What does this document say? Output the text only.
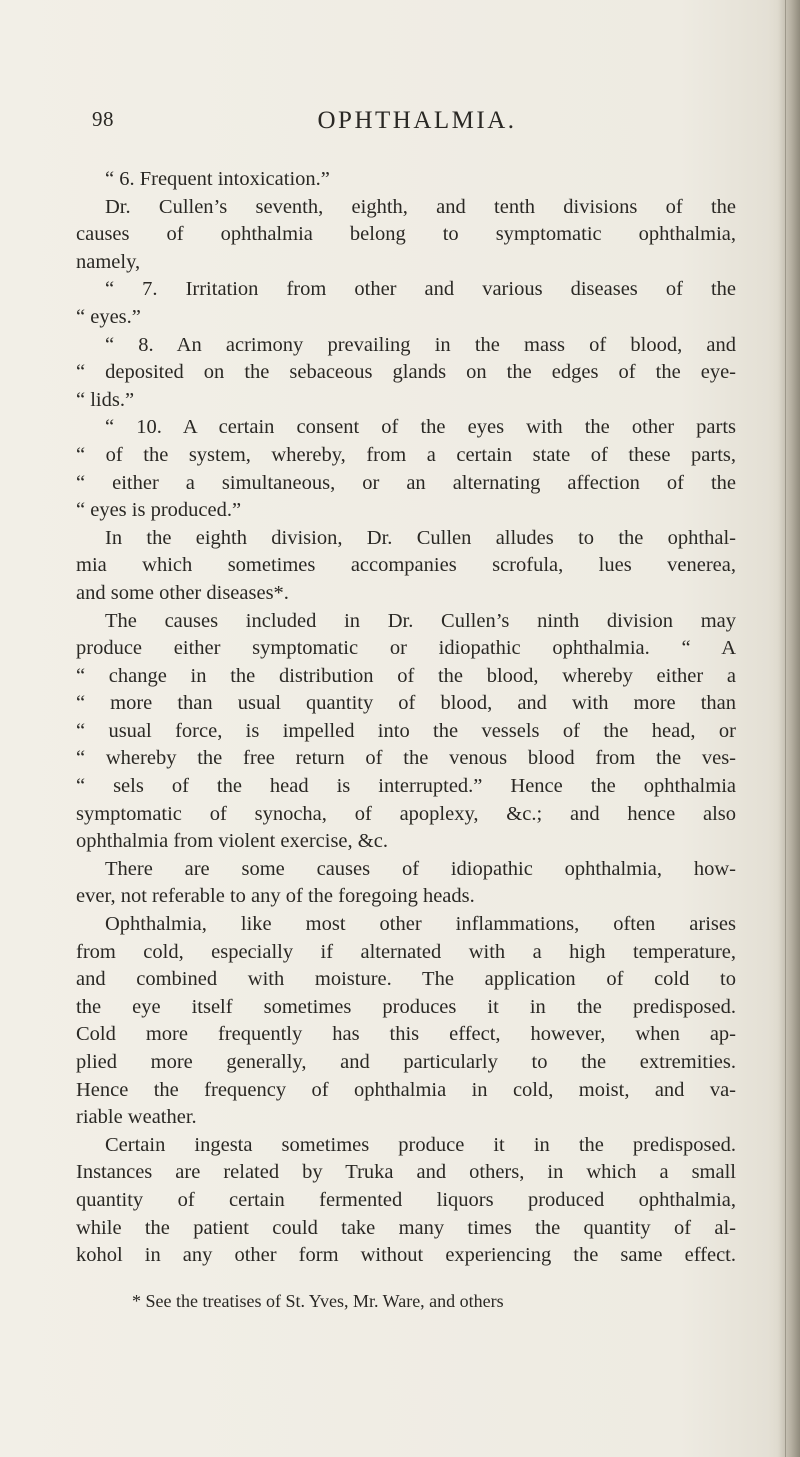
98	OPHTHALMIA.
“ 6. Frequent intoxication.”
Dr. Cullen’s seventh, eighth, and tenth divisions of the
causes of ophthalmia belong to symptomatic ophthalmia,
namely,
“ 7. Irritation from other and various diseases of the
“ eyes.”
“ 8. An acrimony prevailing in the mass of blood, and
“ deposited on the sebaceous glands on the edges of the eye-
“ lids.”
“ 10. A certain consent of the eyes with the other parts
“ of the system, whereby, from a certain state of these parts,
“ either a simultaneous, or an alternating affection of the
“ eyes is produced.”
In the eighth division, Dr. Cullen alludes to the ophthal-
mia which sometimes accompanies scrofula, lues venerea,
and some other diseases*.
The causes included in Dr. Cullen’s ninth division may
produce either symptomatic or idiopathic ophthalmia. “ A
“ change in the distribution of the blood, whereby either a
“ more than usual quantity of blood, and with more than
“ usual force, is impelled into the vessels of the head, or
“ whereby the free return of the venous blood from the ves-
“ sels of the head is interrupted.” Hence the ophthalmia
symptomatic of synocha, of apoplexy, &c.; and hence also
ophthalmia from violent exercise, &c.
There are some causes of idiopathic ophthalmia, how-
ever, not referable to any of the foregoing heads.
Ophthalmia, like most other inflammations, often arises
from cold, especially if alternated with a high temperature,
and combined with moisture. The application of cold to
the eye itself sometimes produces it in the predisposed.
Cold more frequently has this effect, however, when ap-
plied more generally, and particularly to the extremities.
Hence the frequency of ophthalmia in cold, moist, and va-
riable weather.
Certain ingesta sometimes produce it in the predisposed.
Instances are related by Truka and others, in which a small
quantity of certain fermented liquors produced ophthalmia,
while the patient could take many times the quantity of al-
kohol in any other form without experiencing the same effect.
* See the treatises of St. Yves, Mr. Ware, and others
